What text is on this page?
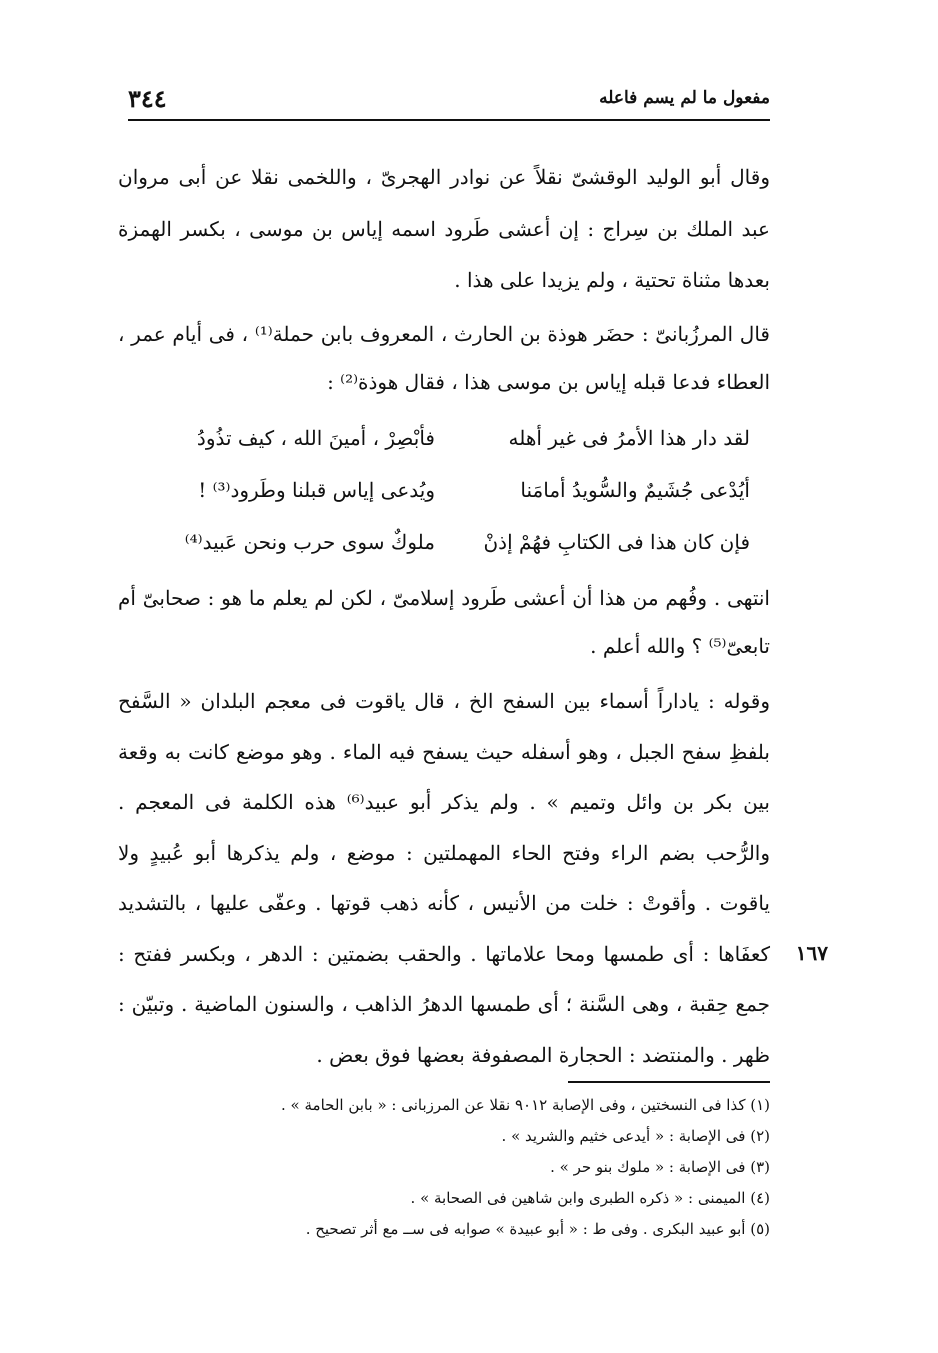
مفعول ما لم يسم فاعله
٣٤٤
وقال أبو الوليد الوقشىّ نقلاً عن نوادر الهجرىّ ، واللخمى نقلا عن أبى مروان عبد الملك بن سِراج : إن أعشى طَرود اسمه إياس بن موسى ، بكسر الهمزة بعدها مثناة تحتية ، ولم يزيدا على هذا .
قال المرزُبانىّ : حضَر هوذة بن الحارث ، المعروف بابن حملة⁽¹⁾ ، فى أيام عمر ، العطاء فدعا قبله إياس بن موسى هذا ، فقال هوذة⁽²⁾ :
لقد دار هذا الأمرُ فى غير أهله
فأبْصِرْ ، أمينَ الله ، كيف تذُودُ
أيُدْعى جُشَيمٌ والسُّويدُ أمامَنا
ويُدعى إياس قبلنا وطَرود⁽³⁾ !
فإن كان هذا فى الكتابِ فهُمْ إذنْ
ملوكٌ سوى حرب ونحن عَبيد⁽⁴⁾
انتهى . وفُهم من هذا أن أعشى طَرود إسلامىّ ، لكن لم يعلم ما هو : صحابىّ أم تابعىّ⁽⁵⁾ ؟ والله أعلم .
وقوله : ياداراً أسماء بين السفح الخ ، قال ياقوت فى معجم البلدان « السَّفح بلفظِ سفح الجبل ، وهو أسفله حيث يسفح فيه الماء . وهو موضع كانت به وقعة بين بكر بن وائل وتميم » . ولم يذكر أبو عبيد⁽⁶⁾ هذه الكلمة فى المعجم . والرُّحب بضم الراء وفتح الحاء المهملتين : موضع ، ولم يذكرها أبو عُبيدٍ ولا ياقوت . وأقوتْ : خلت من الأنيس ، كأنه ذهب قوتها . وعفّى عليها ، بالتشديد كعفَاها : أى طمسها ومحا علاماتها . والحقب بضمتين : الدهر ، وبكسر ففتح : جمع حِقبة ، وهى السَّنة ؛ أى طمسها الدهرُ الذاهب ، والسنون الماضية . وتبيّن : ظهر . والمنتضد : الحجارة المصفوفة بعضها فوق بعض .
١٦٧
(١) كذا فى النسختين ، وفى الإصابة ٩٠١٢ نقلا عن المرزبانى : « بابن الحامة » .
(٢) فى الإصابة : « أيدعى خثيم والشريد » .
(٣) فى الإصابة : « ملوك بنو حر » .
(٤) الميمنى : « ذكره الطبرى وابن شاهين فى الصحابة » .
(٥) أبو عبيد البكرى . وفى ط : « أبو عبيدة » صوابه فى ســ مع أثر تصحيح .
